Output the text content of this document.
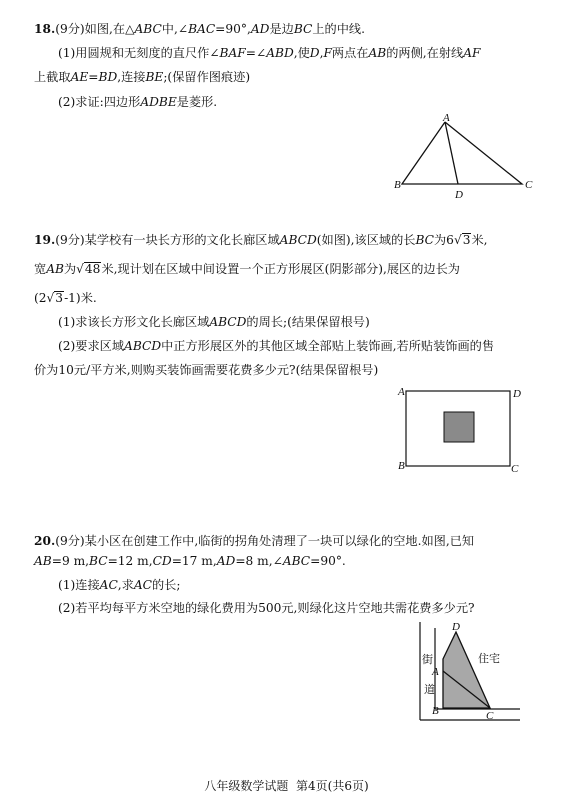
18.(9分)如图,在△ABC中,∠BAC=90°,AD是边BC上的中线.
(1)用圆规和无刻度的直尺作∠BAF=∠ABD,使D,F两点在AB的两侧,在射线AF
上截取AE=BD,连接BE;(保留作图痕迹)
(2)求证:四边形ADBE是菱形.
A
B	C
D
19.(9分)某学校有一块长方形的文化长廊区域ABCD(如图),该区域的长BC为6√3米,
宽AB为√48米,现计划在区域中间设置一个正方形展区(阴影部分),展区的边长为
(2√3-1)米.
(1)求该长方形文化长廊区域ABCD的周长;(结果保留根号)
(2)要求区域ABCD中正方形展区外的其他区域全部贴上装饰画,若所贴装饰画的售
价为10元/平方米,则购买装饰画需要花费多少元?(结果保留根号)
A	D
B	C
20.(9分)某小区在创建工作中,临街的拐角处清理了一块可以绿化的空地.如图,已知
AB=9 m,BC=12 m,CD=17 m,AD=8 m,∠ABC=90°.
(1)连接AC,求AC的长;
(2)若平均每平方米空地的绿化费用为500元,则绿化这片空地共需花费多少元?
D
A
B	C
街
道
住宅
八年级数学试题 第4页(共6页)
